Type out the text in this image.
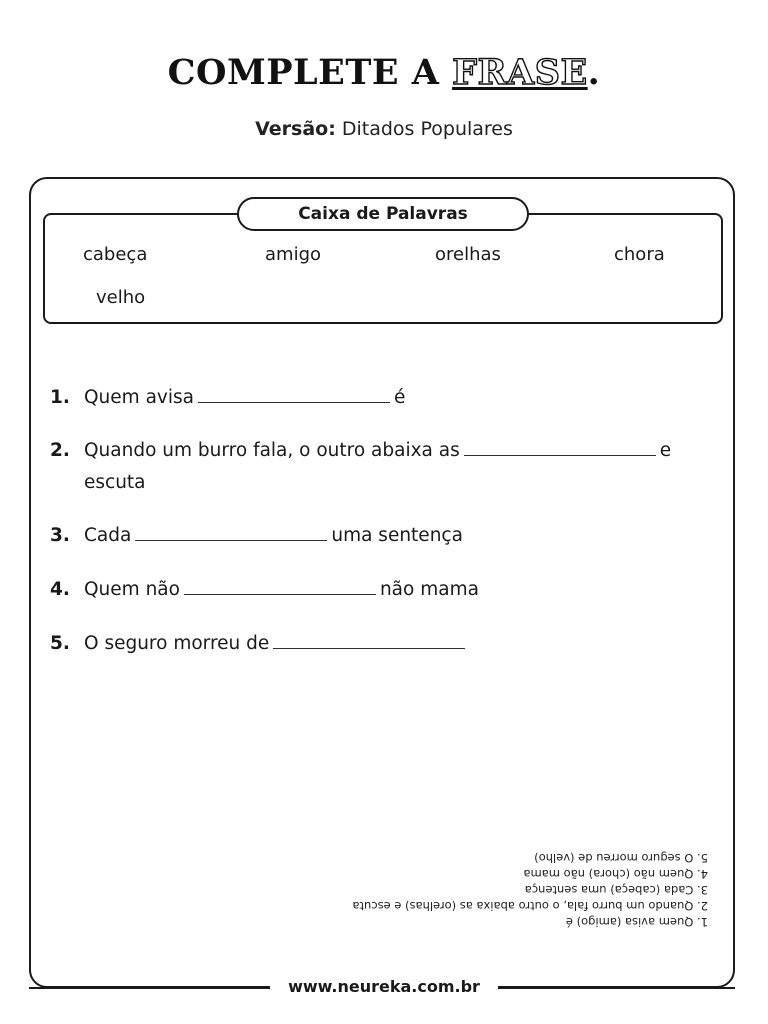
COMPLETE A FRASE.
Versão: Ditados Populares
Caixa de Palavras
cabeça	amigo	orelhas	chora
velho
1. Quem avisa	é
2. Quando um burro fala, o outro abaixa as	e
escuta
3. Cada	uma sentença
4. Quem não	não mama
5. O seguro morreu de
1. Quem avisa (amigo) é
2. Quando um burro fala, o outro abaixa as (orelhas) e escuta
3. Cada (cabeça) uma sentença
4. Quem não (chora) não mama
5. O seguro morreu de (velho)
www.neureka.com.br
